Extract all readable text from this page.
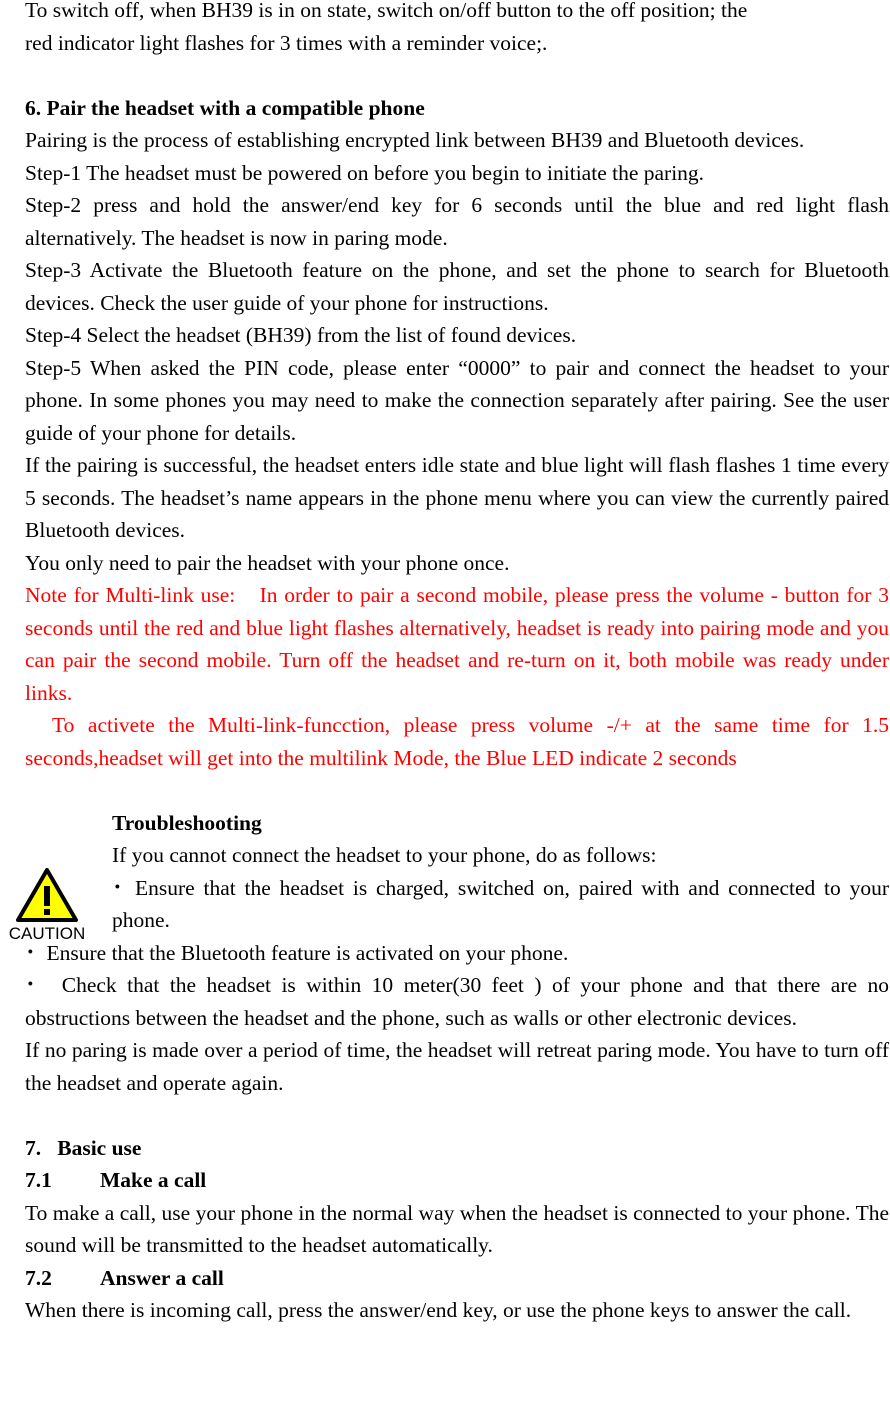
CAUTION

To switch off, when BH39 is in on state, switch on/off button to the off position; the

red indicator light flashes for 3 times with a reminder voice;.

6. Pair the headset with a compatible phone

Pairing is the process of establishing encrypted link between BH39 and Bluetooth devices.

Step-1 The headset must be powered on before you begin to initiate the paring.

Step-2 press and hold the answer/end key for 6 seconds until the blue and red light flash alternatively. The headset is now in paring mode.

Step-3 Activate the Bluetooth feature on the phone, and set the phone to search for Bluetooth devices. Check the user guide of your phone for instructions.

Step-4 Select the headset (BH39) from the list of found devices.

Step-5 When asked the PIN code, please enter “0000” to pair and connect the headset to your phone. In some phones you may need to make the connection separately after pairing. See the user guide of your phone for details.

If the pairing is successful, the headset enters idle state and blue light will flash flashes 1 time every 5 seconds. The headset’s name appears in the phone menu where you can view the currently paired Bluetooth devices.

You only need to pair the headset with your phone once.

Note for Multi-link use:　In order to pair a second mobile, please press the volume - button for 3 seconds until the red and blue light flashes alternatively, headset is ready into pairing mode and you can pair the second mobile. Turn off the headset and re-turn on it, both mobile was ready under links.

To activete the Multi-link-funcction, please press volume -/+ at the same time for 1.5 seconds,headset will get into the multilink Mode, the Blue LED indicate 2 seconds

Troubleshooting

If you cannot connect the headset to your phone, do as follows:

･ Ensure that the headset is charged, switched on, paired with and connected to your phone.

･  Ensure that the Bluetooth feature is activated on your phone.

･  Check that the headset is within 10 meter(30 feet ) of your phone and that there are no obstructions between the headset and the phone, such as walls or other electronic devices.

If no paring is made over a period of time, the headset will retreat paring mode. You have to turn off the headset and operate again.

7.   Basic use

7.1 Make a call

To make a call, use your phone in the normal way when the headset is connected to your phone. The sound will be transmitted to the headset automatically.

7.2 Answer a call

When there is incoming call, press the answer/end key, or use the phone keys to answer the call.
